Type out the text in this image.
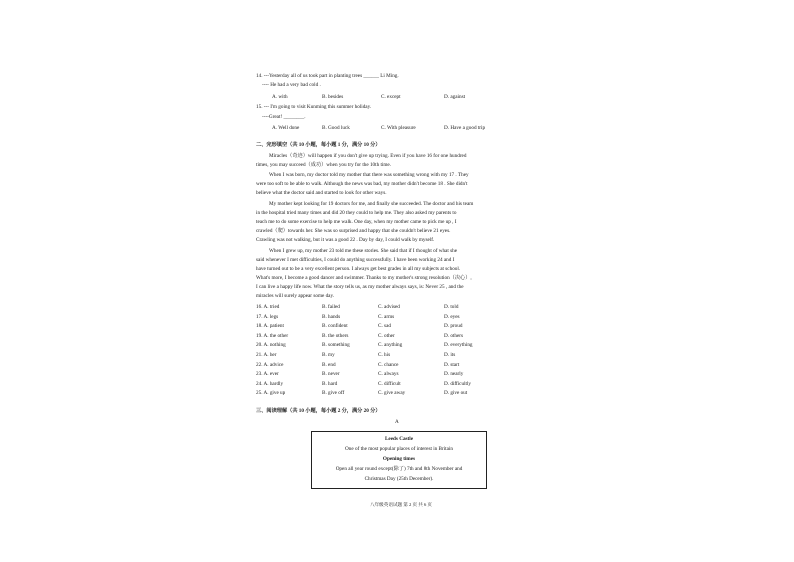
14. ---Yesterday all of us took part in planting trees ______ Li Ming.
---- He had a very bad cold .
A. with	B. besides	C. except	D. against
15. --- I'm going to visit Kunming this summer holiday.
----Great! ________.
A. Well done	B. Good luck	C. With pleasure	D. Have a good trip
二、完形填空（共 10 小题，每小题 1 分，满分 10 分）
Miracles（奇迹）will happen if you don't give up trying. Even if you have 16 for one hundred
times, you may succeed（成功）when you try for the 10th time.
When I was born, my doctor told my mother that there was something wrong with my 17 . They
were too soft to be able to walk. Although the news was bad, my mother didn't become 18 . She didn't
believe what the doctor said and started to look for other ways.
My mother kept looking for 19 doctors for me, and finally she succeeded. The doctor and his team
in the hospital tried many times and did 20 they could to help me. They also asked my parents to
teach me to do some exercise to help me walk. One day, when my mother came to pick me up , I
crawled（爬）towards her. She was so surprised and happy that she couldn't believe 21 eyes.
Crawling was not walking, but it was a good 22 . Day by day, I could walk by myself.
When I grew up, my mother 23 told me these stories. She said that if I thought of what she
said whenever I met difficulties, I could do anything successfully. I have been working 24 and I
have turned out to be a very excellent person. I always get best grades in all my subjects at school.
What's more, I become a good dancer and swimmer. Thanks to my mother's strong resolution（决心）,
I can live a happy life now. What the story tells us, as my mother always says, is: Never 25 , and the
miracles will surely appear some day.
16. A. tried	B. failed	C. advised	D. told
17. A. legs	B. hands	C. arms	D. eyes
18. A. patient	B. confident	C. sad	D. proud
19. A. the other	B. the others	C. other	D. others
20. A. nothing	B. something	C. anything	D. everything
21. A. her	B. my	C. his	D. its
22. A. advice	B. end	C. chance	D. start
23. A. ever	B. never	C. always	D. nearly
24. A. hardly	B. hard	C. difficult	D. difficultly
25. A. give up	B. give off	C. give away	D. give out
三、阅读理解（共 10 小题，每小题 2 分，满分 20 分）
A
Leeds Castle
One of the most popular places of interest in Britain
Opening times
Open all year round except(除了) 7th and 8th November and
Christmas Day (25th December).
八年级英语试题 第 2 页 共 6 页
